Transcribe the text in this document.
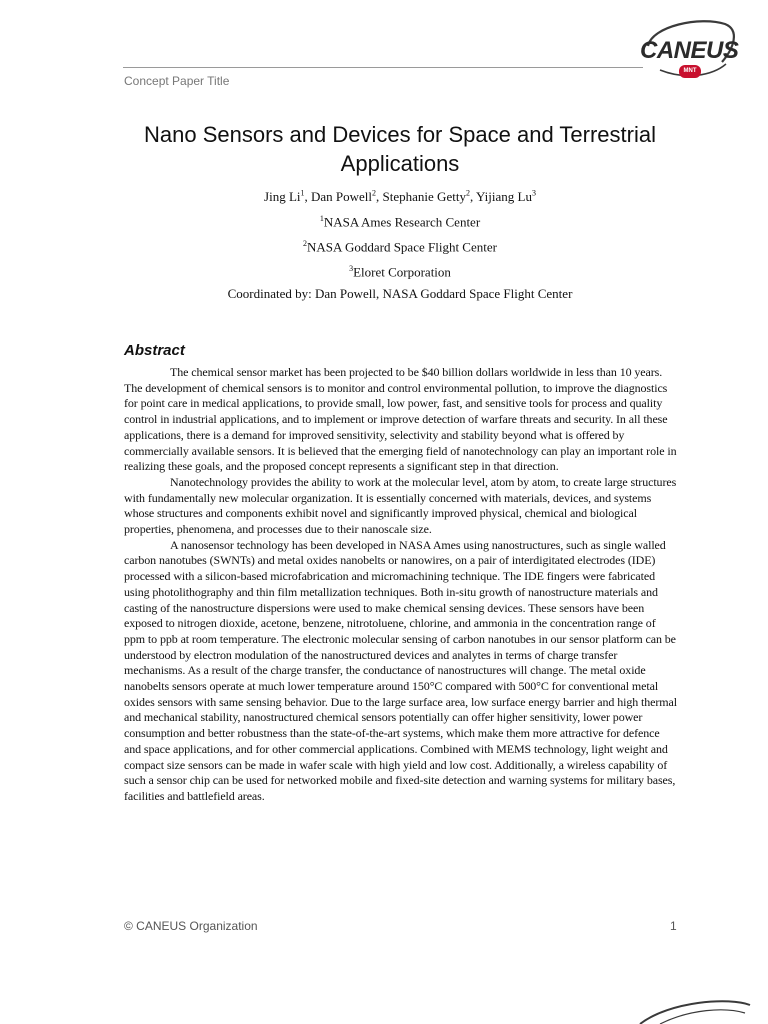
Concept Paper Title
CANEUS
MNT
Nano Sensors and Devices for Space and Terrestrial Applications
Jing Li$^1$, Dan Powell$^2$, Stephanie Getty$^2$, Yijiang Lu$^3$
$^1$NASA Ames Research Center
$^2$NASA Goddard Space Flight Center
$^3$Eloret Corporation
Coordinated by: Dan Powell, NASA Goddard Space Flight Center
Abstract

The chemical sensor market has been projected to be $40 billion dollars worldwide in less than 10 years. The development of chemical sensors is to monitor and control environmental pollution, to improve the diagnostics for point care in medical applications, to provide small, low power, fast, and sensitive tools for process and quality control in industrial applications, and to implement or improve detection of warfare threats and security. In all these applications, there is a demand for improved sensitivity, selectivity and stability beyond what is offered by commercially available sensors. It is believed that the emerging field of nanotechnology can play an important role in realizing these goals, and the proposed concept represents a significant step in that direction.

Nanotechnology provides the ability to work at the molecular level, atom by atom, to create large structures with fundamentally new molecular organization. It is essentially concerned with materials, devices, and systems whose structures and components exhibit novel and significantly improved physical, chemical and biological properties, phenomena, and processes due to their nanoscale size.

A nanosensor technology has been developed in NASA Ames using nanostructures, such as single walled carbon nanotubes (SWNTs) and metal oxides nanobelts or nanowires, on a pair of interdigitated electrodes (IDE) processed with a silicon-based microfabrication and micromachining technique. The IDE fingers were fabricated using photolithography and thin film metallization techniques. Both in-situ growth of nanostructure materials and casting of the nanostructure dispersions were used to make chemical sensing devices. These sensors have been exposed to nitrogen dioxide, acetone, benzene, nitrotoluene, chlorine, and ammonia in the concentration range of ppm to ppb at room temperature. The electronic molecular sensing of carbon nanotubes in our sensor platform can be understood by electron modulation of the nanostructured devices and analytes in terms of charge transfer mechanisms. As a result of the charge transfer, the conductance of nanostructures will change. The metal oxide nanobelts sensors operate at much lower temperature around 150°C compared with 500°C for conventional metal oxides sensors with same sensing behavior. Due to the large surface area, low surface energy barrier and high thermal and mechanical stability, nanostructured chemical sensors potentially can offer higher sensitivity, lower power consumption and better robustness than the state-of-the-art systems, which make them more attractive for defence and space applications, and for other commercial applications. Combined with MEMS technology, light weight and compact size sensors can be made in wafer scale with high yield and low cost. Additionally, a wireless capability of such a sensor chip can be used for networked mobile and fixed-site detection and warning systems for military bases, facilities and battlefield areas.

© CANEUS Organization	1
